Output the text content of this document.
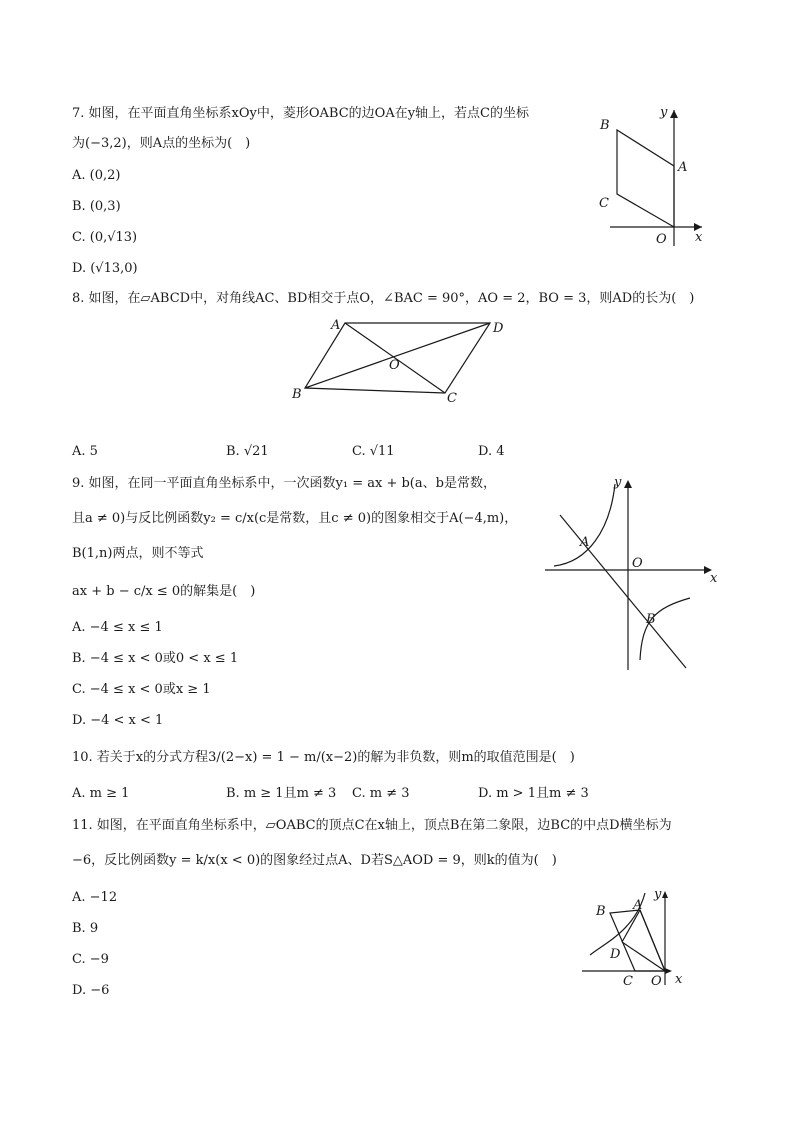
7. 如图，在平面直角坐标系xOy中，菱形OABC的边OA在y轴上，若点C的坐标
为(−3,2)，则A点的坐标为(　)
A. (0,2)
B. (0,3)
C. (0,√13)
D. (√13,0)
y
B
A
C
O x
8. 如图，在▱ABCD中，对角线AC、BD相交于点O，∠BAC = 90°，AO = 2，BO = 3，则AD的长为(　)
A	D
O
B	C
A. 5	B. √21	C. √11	D. 4
9. 如图，在同一平面直角坐标系中，一次函数y₁ = ax + b(a、b是常数，
且a ≠ 0)与反比例函数y₂ = c/x(c是常数，且c ≠ 0)的图象相交于A(−4,m)，
B(1,n)两点，则不等式
ax + b − c/x ≤ 0的解集是(　)
A. −4 ≤ x ≤ 1
B. −4 ≤ x < 0或0 < x ≤ 1
C. −4 ≤ x < 0或x ≥ 1
D. −4 < x < 1
y
A
O
x
B
10. 若关于x的分式方程3/(2−x) = 1 − m/(x−2)的解为非负数，则m的取值范围是(　)
A. m ≥ 1	B. m ≥ 1且m ≠ 3 C. m ≠ 3	D. m > 1且m ≠ 3
11. 如图，在平面直角坐标系中，▱OABC的顶点C在x轴上，顶点B在第二象限，边BC的中点D横坐标为
−6，反比例函数y = k/x(x < 0)的图象经过点A、D若S△AOD = 9，则k的值为(　)
A. −12
B. 9
C. −9
D. −6
y
B A
D
C O x
